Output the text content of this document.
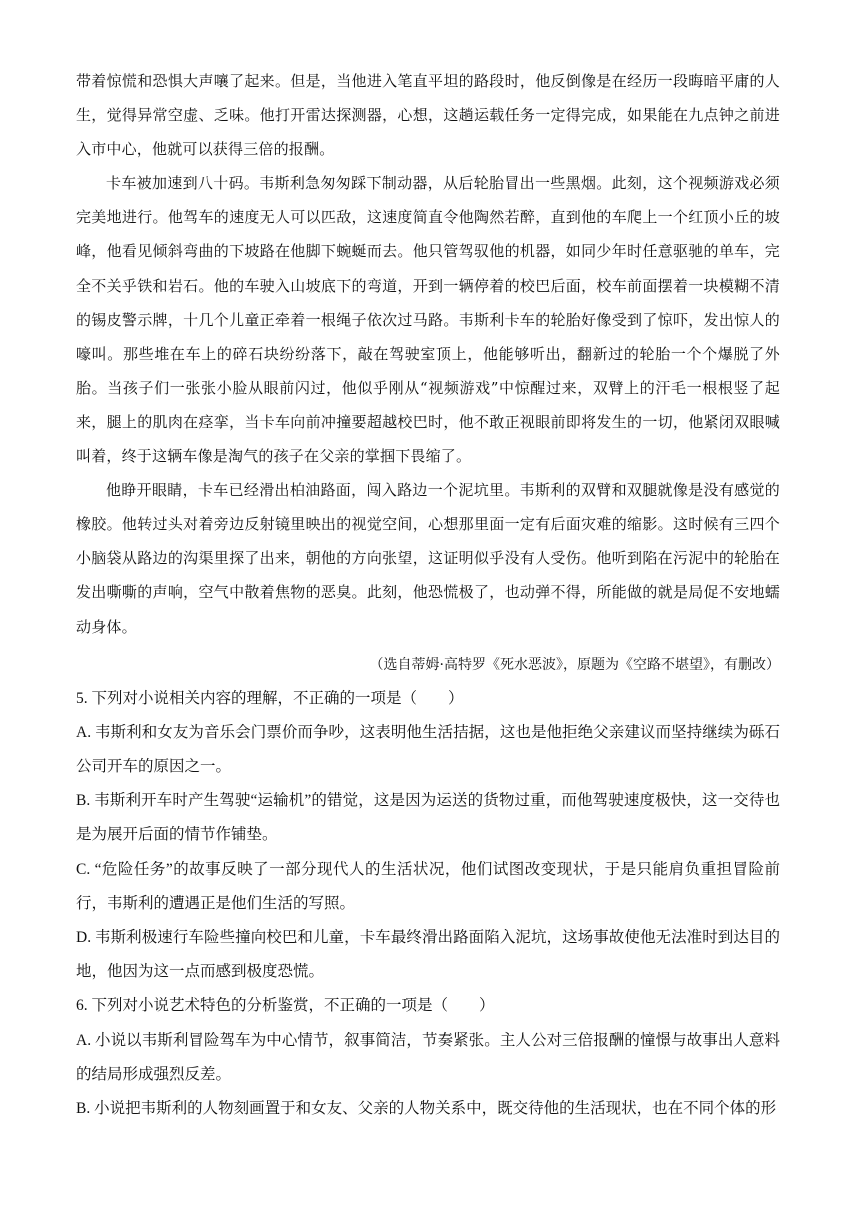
带着惊慌和恐惧大声嚷了起来。但是，当他进入笔直平坦的路段时，他反倒像是在经历一段晦暗平庸的人生，觉得异常空虚、乏味。他打开雷达探测器，心想，这趟运载任务一定得完成，如果能在九点钟之前进入市中心，他就可以获得三倍的报酬。

卡车被加速到八十码。韦斯利急匆匆踩下制动器，从后轮胎冒出一些黑烟。此刻，这个视频游戏必须完美地进行。他驾车的速度无人可以匹敌，这速度简直令他陶然若醉，直到他的车爬上一个红顶小丘的坡峰，他看见倾斜弯曲的下坡路在他脚下蜿蜒而去。他只管驾驭他的机器，如同少年时任意驱驰的单车，完全不关乎铁和岩石。他的车驶入山坡底下的弯道，开到一辆停着的校巴后面，校车前面摆着一块模糊不清的锡皮警示牌，十几个儿童正牵着一根绳子依次过马路。韦斯利卡车的轮胎好像受到了惊吓，发出惊人的嚎叫。那些堆在车上的碎石块纷纷落下，敲在驾驶室顶上，他能够听出，翻新过的轮胎一个个爆脱了外胎。当孩子们一张张小脸从眼前闪过，他似乎刚从“视频游戏”中惊醒过来，双臂上的汗毛一根根竖了起来，腿上的肌肉在痉挛，当卡车向前冲撞要超越校巴时，他不敢正视眼前即将发生的一切，他紧闭双眼喊叫着，终于这辆车像是淘气的孩子在父亲的掌掴下畏缩了。

他睁开眼睛，卡车已经滑出柏油路面，闯入路边一个泥坑里。韦斯利的双臂和双腿就像是没有感觉的橡胶。他转过头对着旁边反射镜里映出的视觉空间，心想那里面一定有后面灾难的缩影。这时候有三四个小脑袋从路边的沟渠里探了出来，朝他的方向张望，这证明似乎没有人受伤。他听到陷在污泥中的轮胎在发出嘶嘶的声响，空气中散着焦物的恶臭。此刻，他恐慌极了，也动弹不得，所能做的就是局促不安地蠕动身体。

（选自蒂姆·高特罗《死水恶波》，原题为《空路不堪望》，有删改）

5. 下列对小说相关内容的理解，不正确的一项是（　　）

A. 韦斯利和女友为音乐会门票价而争吵，这表明他生活拮据，这也是他拒绝父亲建议而坚持继续为砾石公司开车的原因之一。

B. 韦斯利开车时产生驾驶“运输机”的错觉，这是因为运送的货物过重，而他驾驶速度极快，这一交待也是为展开后面的情节作铺垫。

C. “危险任务”的故事反映了一部分现代人的生活状况，他们试图改变现状，于是只能肩负重担冒险前行，韦斯利的遭遇正是他们生活的写照。

D. 韦斯利极速行车险些撞向校巴和儿童，卡车最终滑出路面陷入泥坑，这场事故使他无法准时到达目的地，他因为这一点而感到极度恐慌。

6. 下列对小说艺术特色的分析鉴赏，不正确的一项是（　　）

A. 小说以韦斯利冒险驾车为中心情节，叙事简洁，节奏紧张。主人公对三倍报酬的憧憬与故事出人意料的结局形成强烈反差。

B. 小说把韦斯利的人物刻画置于和女友、父亲的人物关系中，既交待他的生活现状，也在不同个体的形
